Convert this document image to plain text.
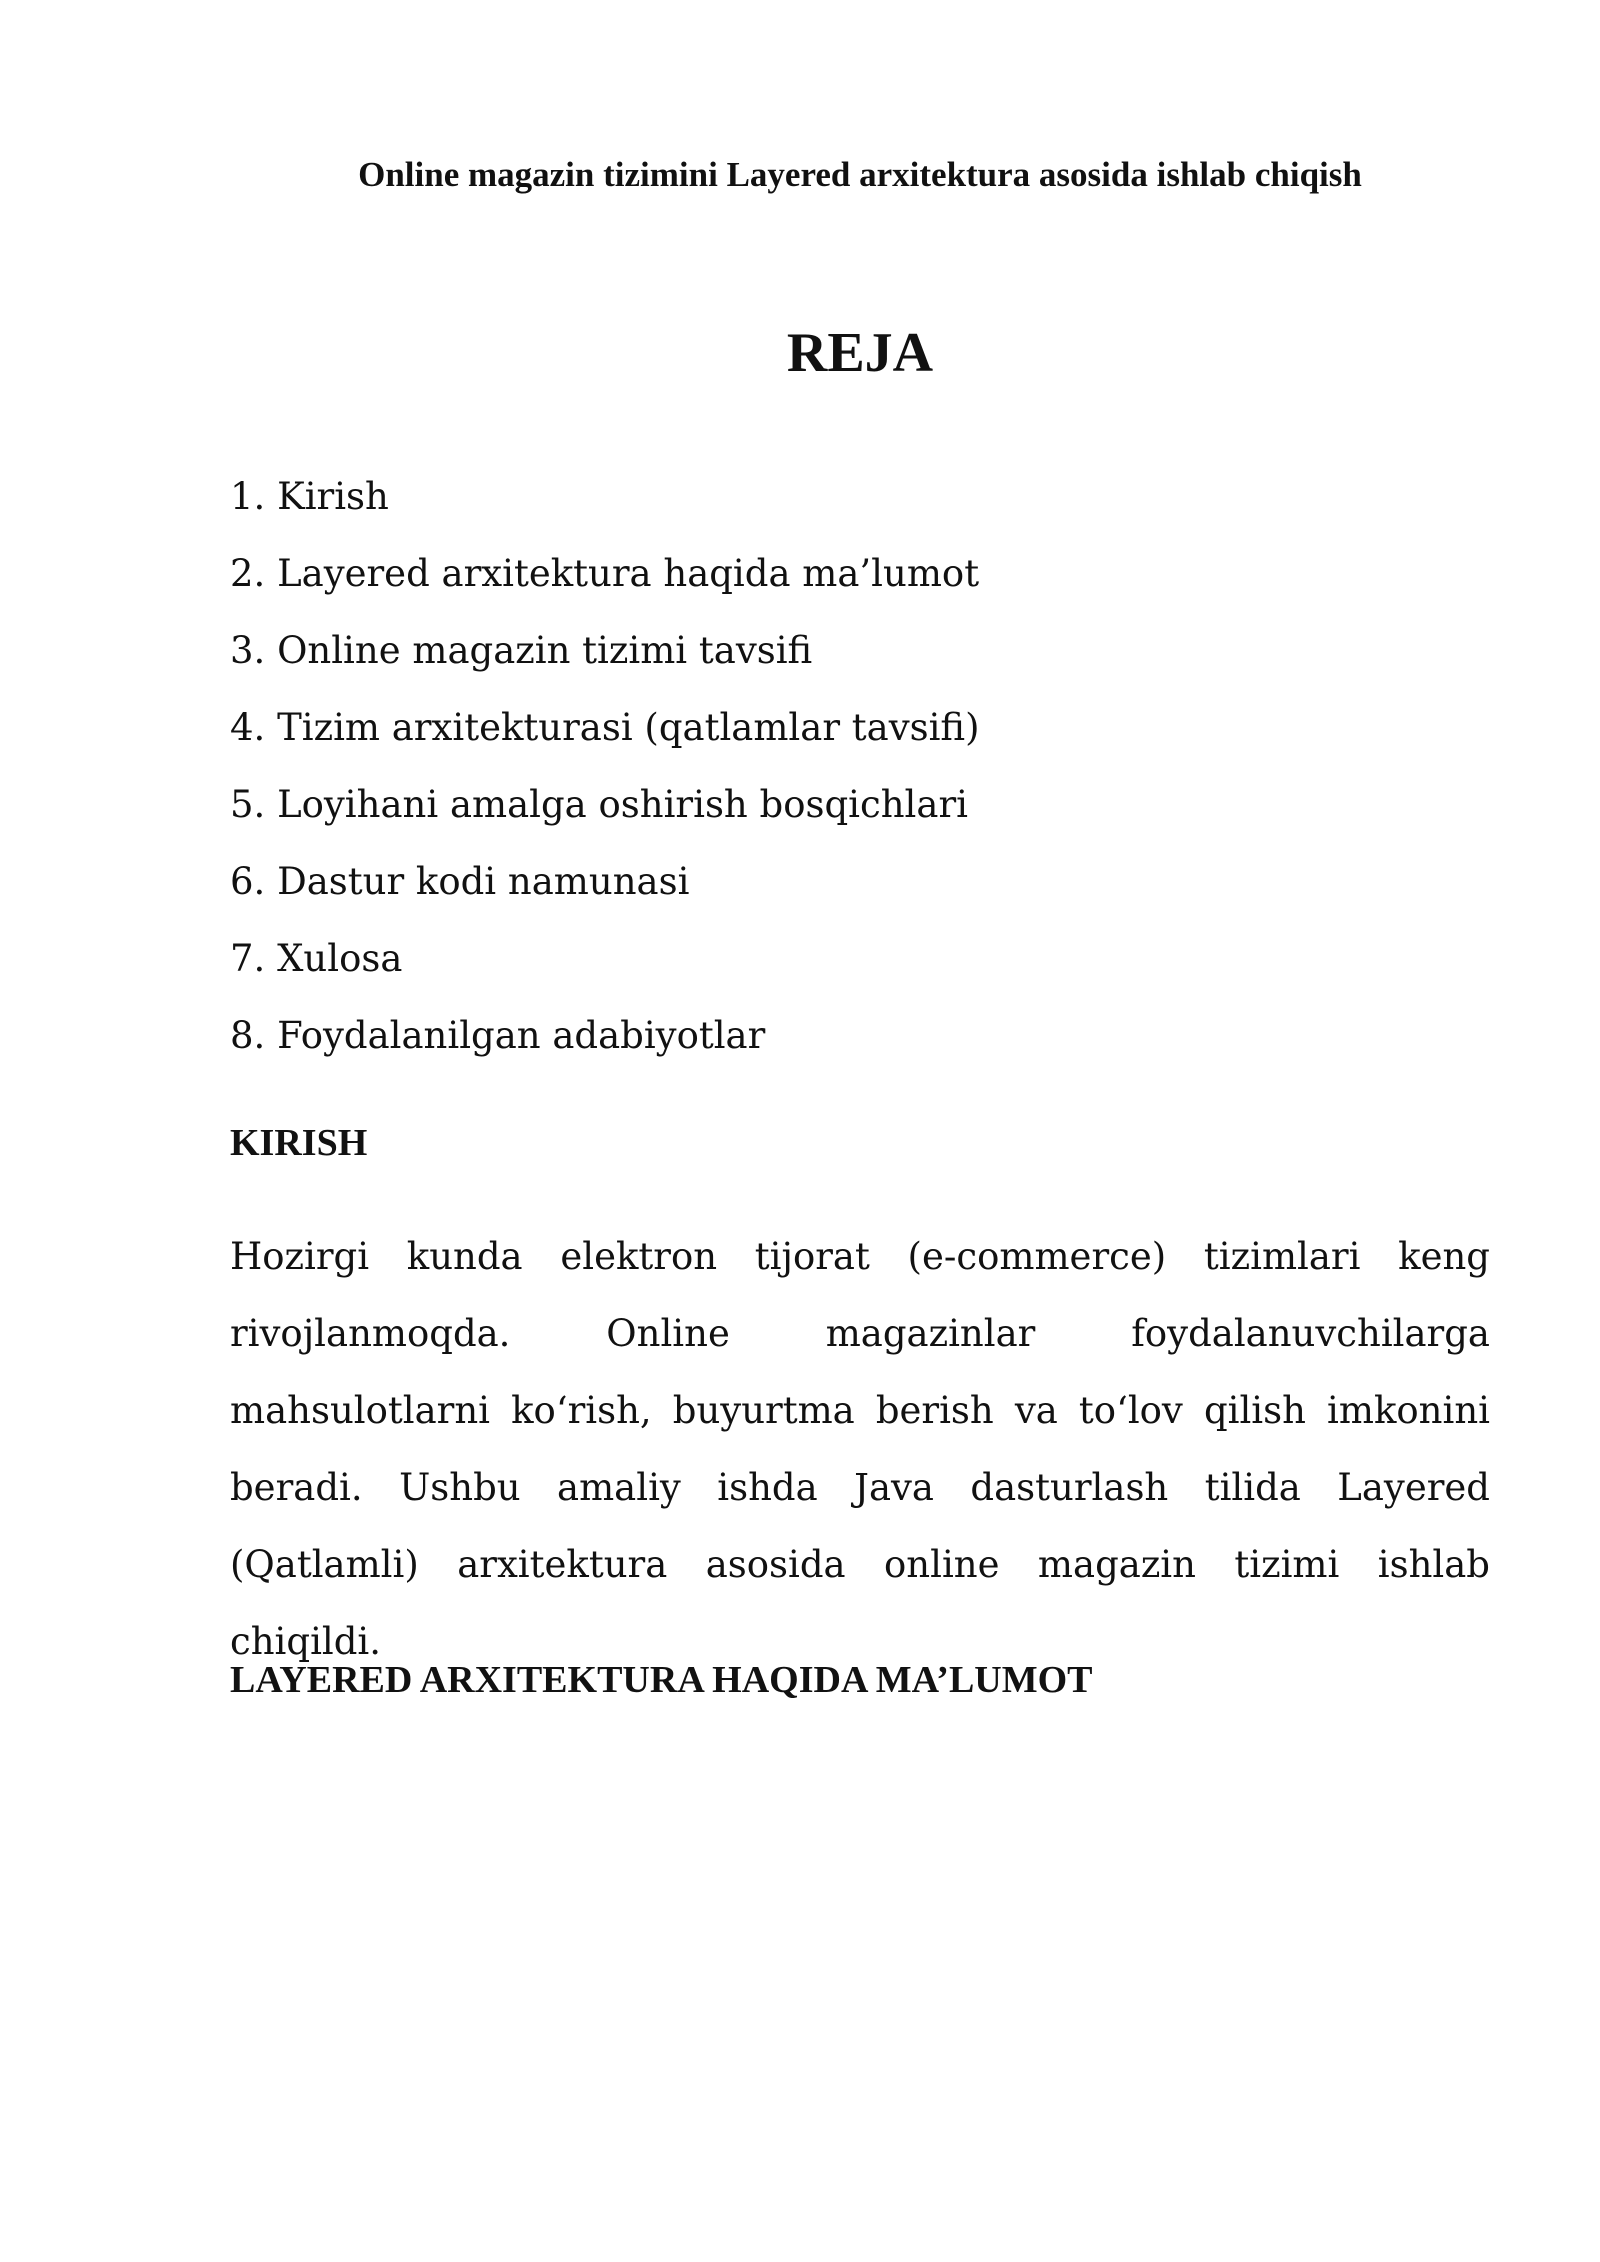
Online magazin tizimini Layered arxitektura asosida ishlab chiqish
REJA
1. Kirish
2. Layered arxitektura haqida ma’lumot
3. Online magazin tizimi tavsifi
4. Tizim arxitekturasi (qatlamlar tavsifi)
5. Loyihani amalga oshirish bosqichlari
6. Dastur kodi namunasi
7. Xulosa
8. Foydalanilgan adabiyotlar
KIRISH

Hozirgi kunda elektron tijorat (e-commerce) tizimlari keng rivojlanmoqda. Online magazinlar foydalanuvchilarga mahsulotlarni ko‘rish, buyurtma berish va to‘lov qilish imkonini beradi. Ushbu amaliy ishda Java dasturlash tilida Layered (Qatlamli) arxitektura asosida online magazin tizimi ishlab chiqildi.

LAYERED ARXITEKTURA HAQIDA MA’LUMOT
